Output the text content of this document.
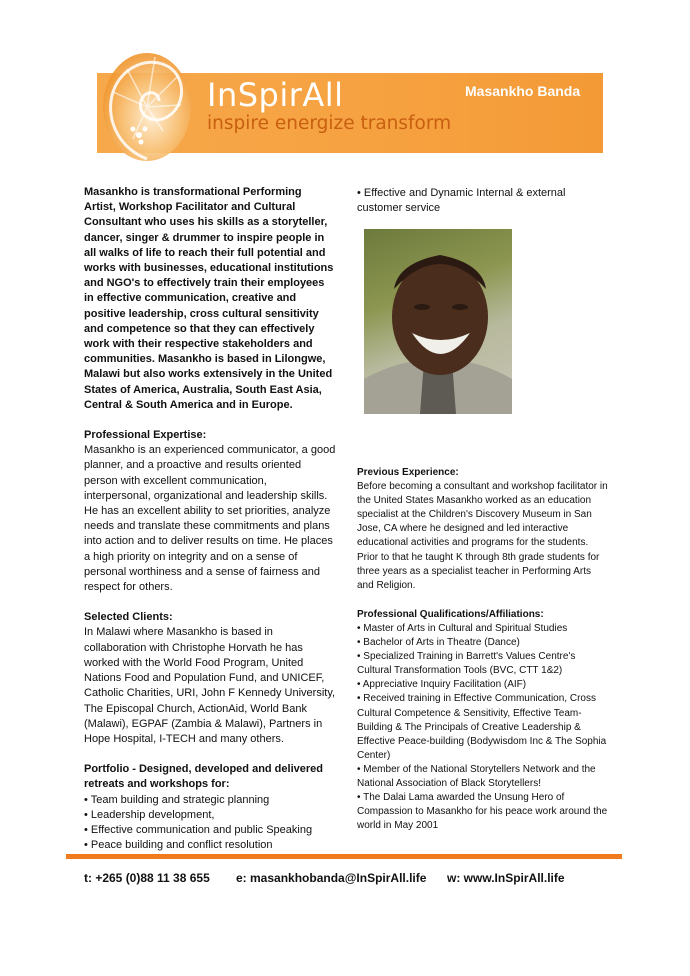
InSpirAll
inspire energize transform
Masankho Banda

Masankho is transformational Performing Artist, Workshop Facilitator and Cultural Consultant who uses his skills as a storyteller, dancer, singer & drummer to inspire people in all walks of life to reach their full potential and works with businesses, educational institutions and NGO's to effectively train their employees in effective communication, creative and positive leadership, cross cultural sensitivity and competence so that they can effectively work with their respective stakeholders and communities. Masankho is based in Lilongwe, Malawi but also works extensively in the United States of America, Australia, South East Asia, Central & South America and in Europe.

Professional Expertise:

Masankho is an experienced communicator, a good planner, and a proactive and results oriented person with excellent communication, interpersonal, organizational and leadership skills. He has an excellent ability to set priorities, analyze needs and translate these commitments and plans into action and to deliver results on time. He places a high priority on integrity and on a sense of personal worthiness and a sense of fairness and respect for others.

Selected Clients:

In Malawi where Masankho is based in collaboration with Christophe Horvath he has worked with the World Food Program, United Nations Food and Population Fund, and UNICEF, Catholic Charities, URI, John F Kennedy University, The Episcopal Church, ActionAid, World Bank (Malawi), EGPAF (Zambia & Malawi), Partners in Hope Hospital, I-TECH and many others.

Portfolio - Designed, developed and delivered retreats and workshops for:

• Team building and strategic planning

• Leadership development,

• Effective communication and public Speaking

• Peace building and conflict resolution

• Effective and Dynamic Internal & external customer service

Previous Experience:

Before becoming a consultant and workshop facilitator in the United States Masankho worked as an education specialist at the Children's Discovery Museum in San Jose, CA where he designed and led interactive educational activities and programs for the students. Prior to that he taught K through 8th grade students for three years as a specialist teacher in Performing Arts and Religion.

Professional Qualifications/Affiliations:

• Master of Arts in Cultural and Spiritual Studies

• Bachelor of Arts in Theatre (Dance)

• Specialized Training in Barrett's Values Centre's Cultural Transformation Tools (BVC, CTT 1&2)

• Appreciative Inquiry Facilitation (AIF)

• Received training in Effective Communication, Cross Cultural Competence & Sensitivity, Effective Team-Building & The Principals of Creative Leadership & Effective Peace-building (Bodywisdom Inc & The Sophia Center)

• Member of the National Storytellers Network and the National Association of Black Storytellers!

• The Dalai Lama awarded the Unsung Hero of Compassion to Masankho for his peace work around the world in May 2001

t: +265 (0)88 11 38 655 e: masankhobanda@InSpirAll.life w: www.InSpirAll.life
